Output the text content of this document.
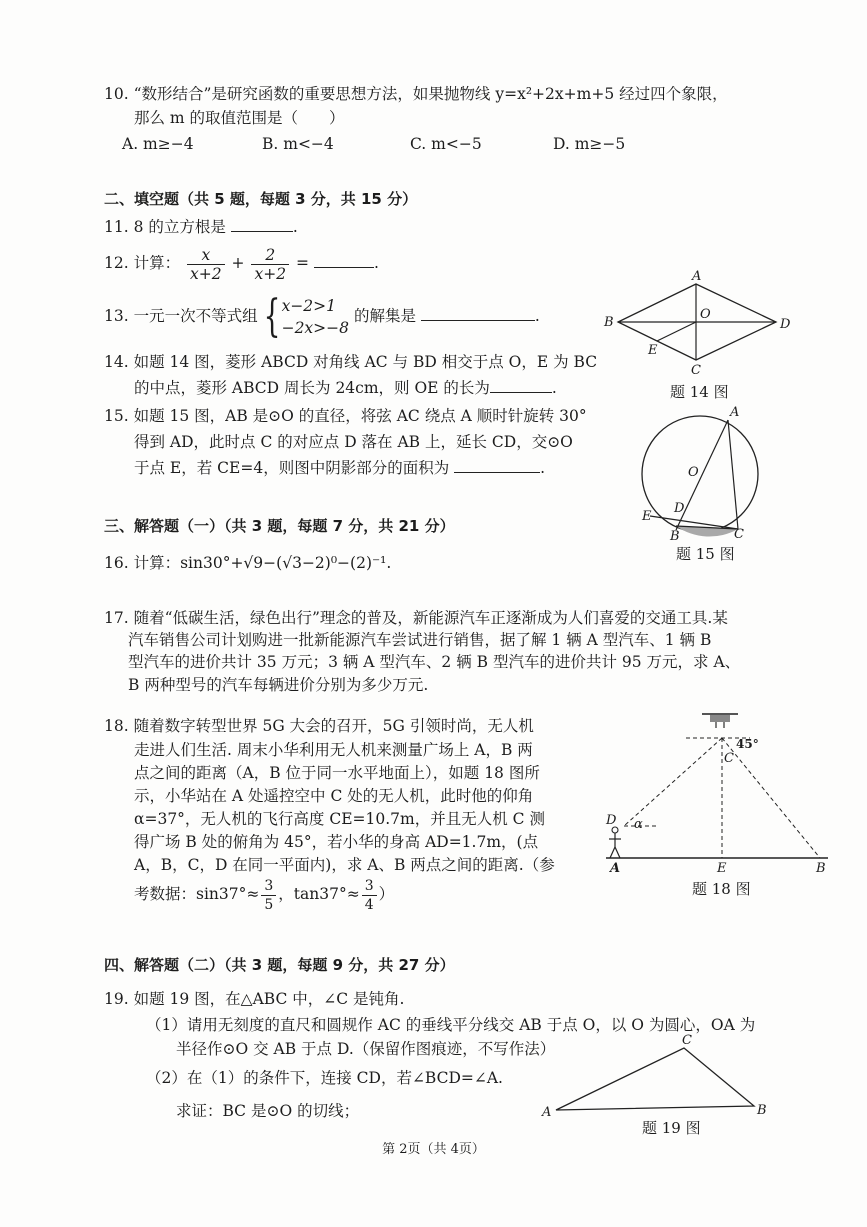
10. “数形结合”是研究函数的重要思想方法，如果抛物线 y=x²+2x+m+5 经过四个象限，
那么 m 的取值范围是（　　）
A. m≥−4	B. m<−4	C. m<−5	D. m≥−5
二、填空题（共 5 题，每题 3 分，共 15 分）
11. 8 的立方根是	.
12. 计算： $\frac{x}{x+2} + \frac{2}{x+2}$ =	.
13. 一元一次不等式组 { x−2>1
−2x>−8
的解集是	.
14. 如题 14 图，菱形 ABCD 对角线 AC 与 BD 相交于点 O，E 为 BC
的中点，菱形 ABCD 周长为 24cm，则 OE 的长为	.
15. 如题 15 图，AB 是⊙O 的直径，将弦 AC 绕点 A 顺时针旋转 30°
得到 AD，此时点 C 的对应点 D 落在 AB 上，延长 CD，交⊙O
于点 E，若 CE=4，则图中阴影部分的面积为	.
A
B
C
D
O
E
题 14 图
A
O
D
E
B	C
题 15 图
三、解答题（一）（共 3 题，每题 7 分，共 21 分）
16. 计算：sin30°+√9−(√3−2)⁰−(2)⁻¹.
17. 随着“低碳生活，绿色出行”理念的普及，新能源汽车正逐渐成为人们喜爱的交通工具.某
汽车销售公司计划购进一批新能源汽车尝试进行销售，据了解 1 辆 A 型汽车、1 辆 B
型汽车的进价共计 35 万元；3 辆 A 型汽车、2 辆 B 型汽车的进价共计 95 万元，求 A、
B 两种型号的汽车每辆进价分别为多少万元.
18. 随着数字转型世界 5G 大会的召开，5G 引领时尚，无人机
走进人们生活. 周末小华利用无人机来测量广场上 A，B 两
点之间的距离（A，B 位于同一水平地面上），如题 18 图所
示，小华站在 A 处遥控空中 C 处的无人机，此时他的仰角
α=37°，无人机的飞行高度 CE=10.7m，并且无人机 C 测
得广场 B 处的俯角为 45°，若小华的身高 AD=1.7m，(点
A，B，C，D 在同一平面内)，求 A、B 两点之间的距离.（参
考数据：$\sin 37^\circ\approx \frac{3}{5}$ ，$\tan 37^\circ\approx \frac{3}{4}$ ）
C
45°
D α
A	E	B
题 18 图
四、解答题（二）（共 3 题，每题 9 分，共 27 分）
19. 如题 19 图，在△ABC 中，∠C 是钝角.
（1）请用无刻度的直尺和圆规作 AC 的垂线平分线交 AB 于点 O，以 O 为圆心，OA 为
半径作⊙O 交 AB 于点 D.（保留作图痕迹，不写作法）
（2）在（1）的条件下，连接 CD，若∠BCD=∠A.
求证：BC 是⊙O 的切线；	A	B
C
题 19 图
第 2页（共 4页）
